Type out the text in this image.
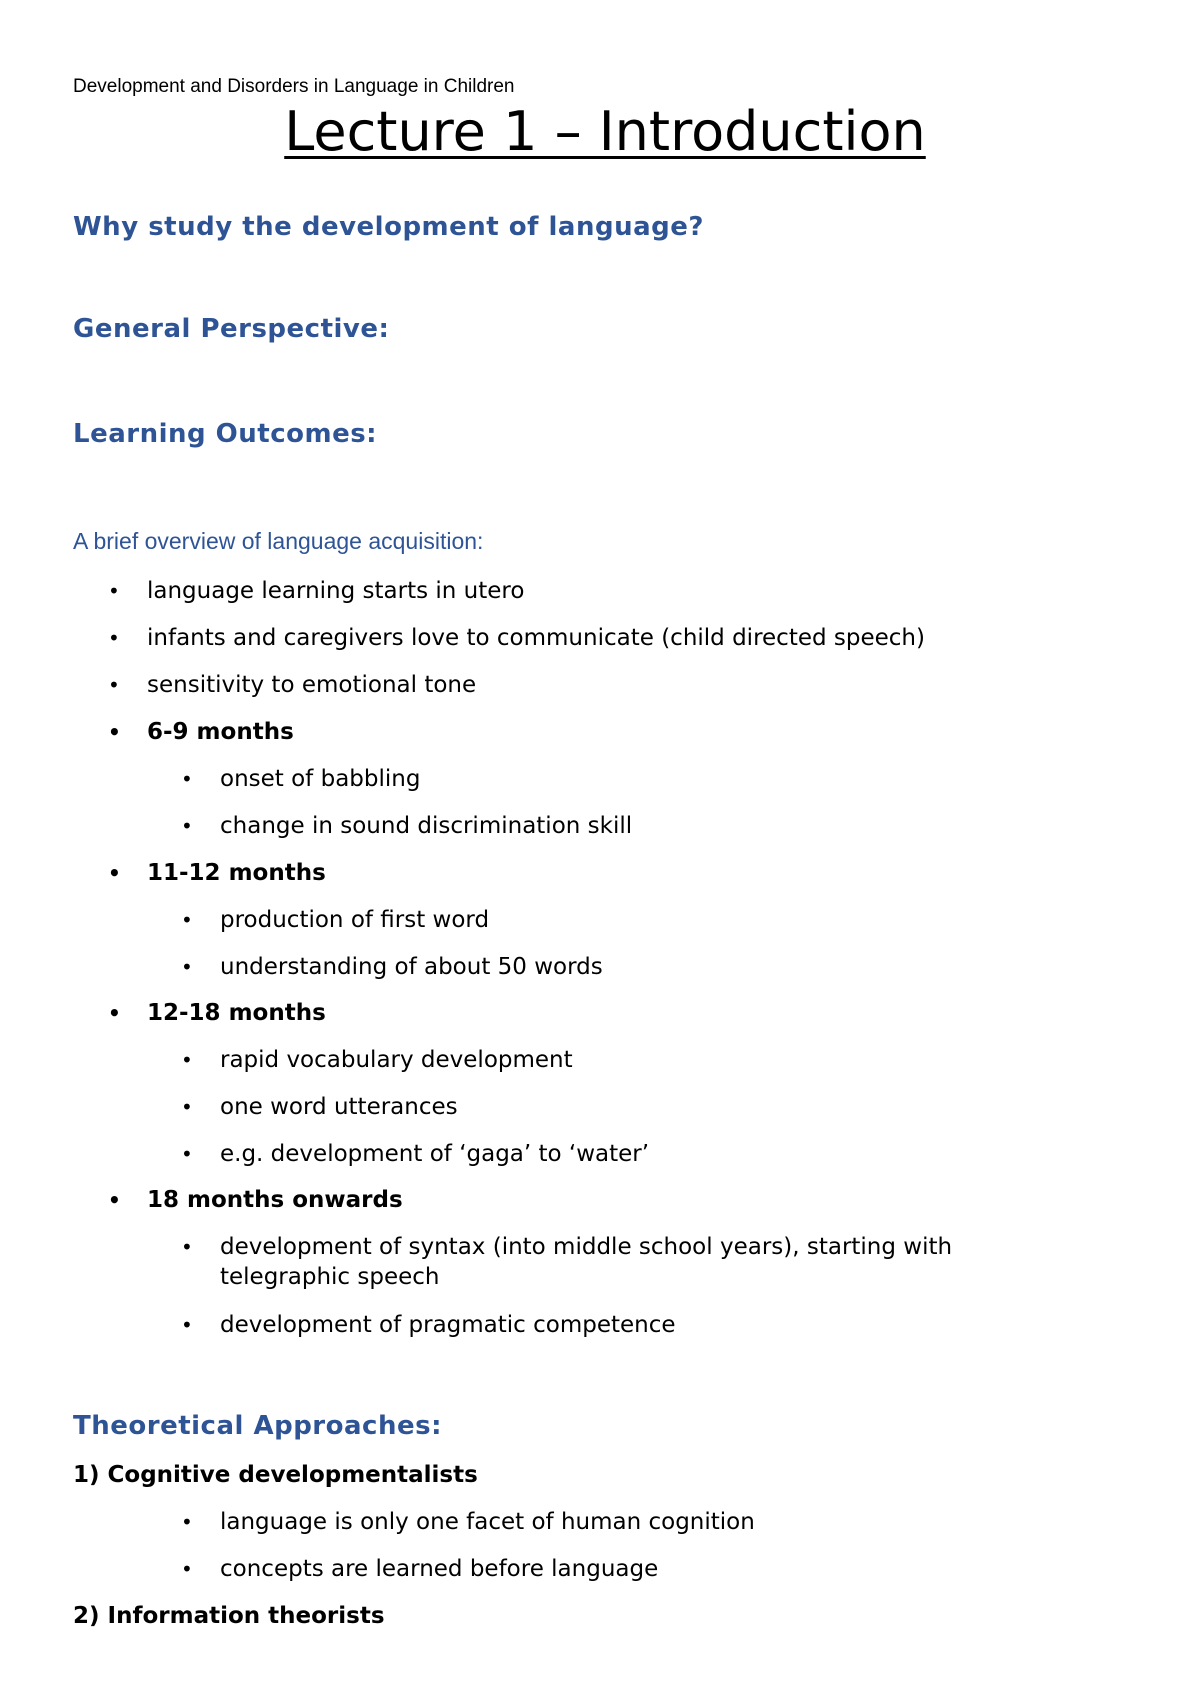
Development and Disorders in Language in Children
Lecture 1 – Introduction
Why study the development of language?
General Perspective:
Learning Outcomes:
A brief overview of language acquisition:
• language learning starts in utero
• infants and caregivers love to communicate (child directed speech)
• sensitivity to emotional tone
• 6-9 months
• onset of babbling
• change in sound discrimination skill
• 11-12 months
• production of first word
• understanding of about 50 words
• 12-18 months
• rapid vocabulary development
• one word utterances
• e.g. development of ‘gaga’ to ‘water’
• 18 months onwards
• development of syntax (into middle school years), starting with telegraphic speech
• development of pragmatic competence
Theoretical Approaches:
1) Cognitive developmentalists
• language is only one facet of human cognition
• concepts are learned before language
2) Information theorists
